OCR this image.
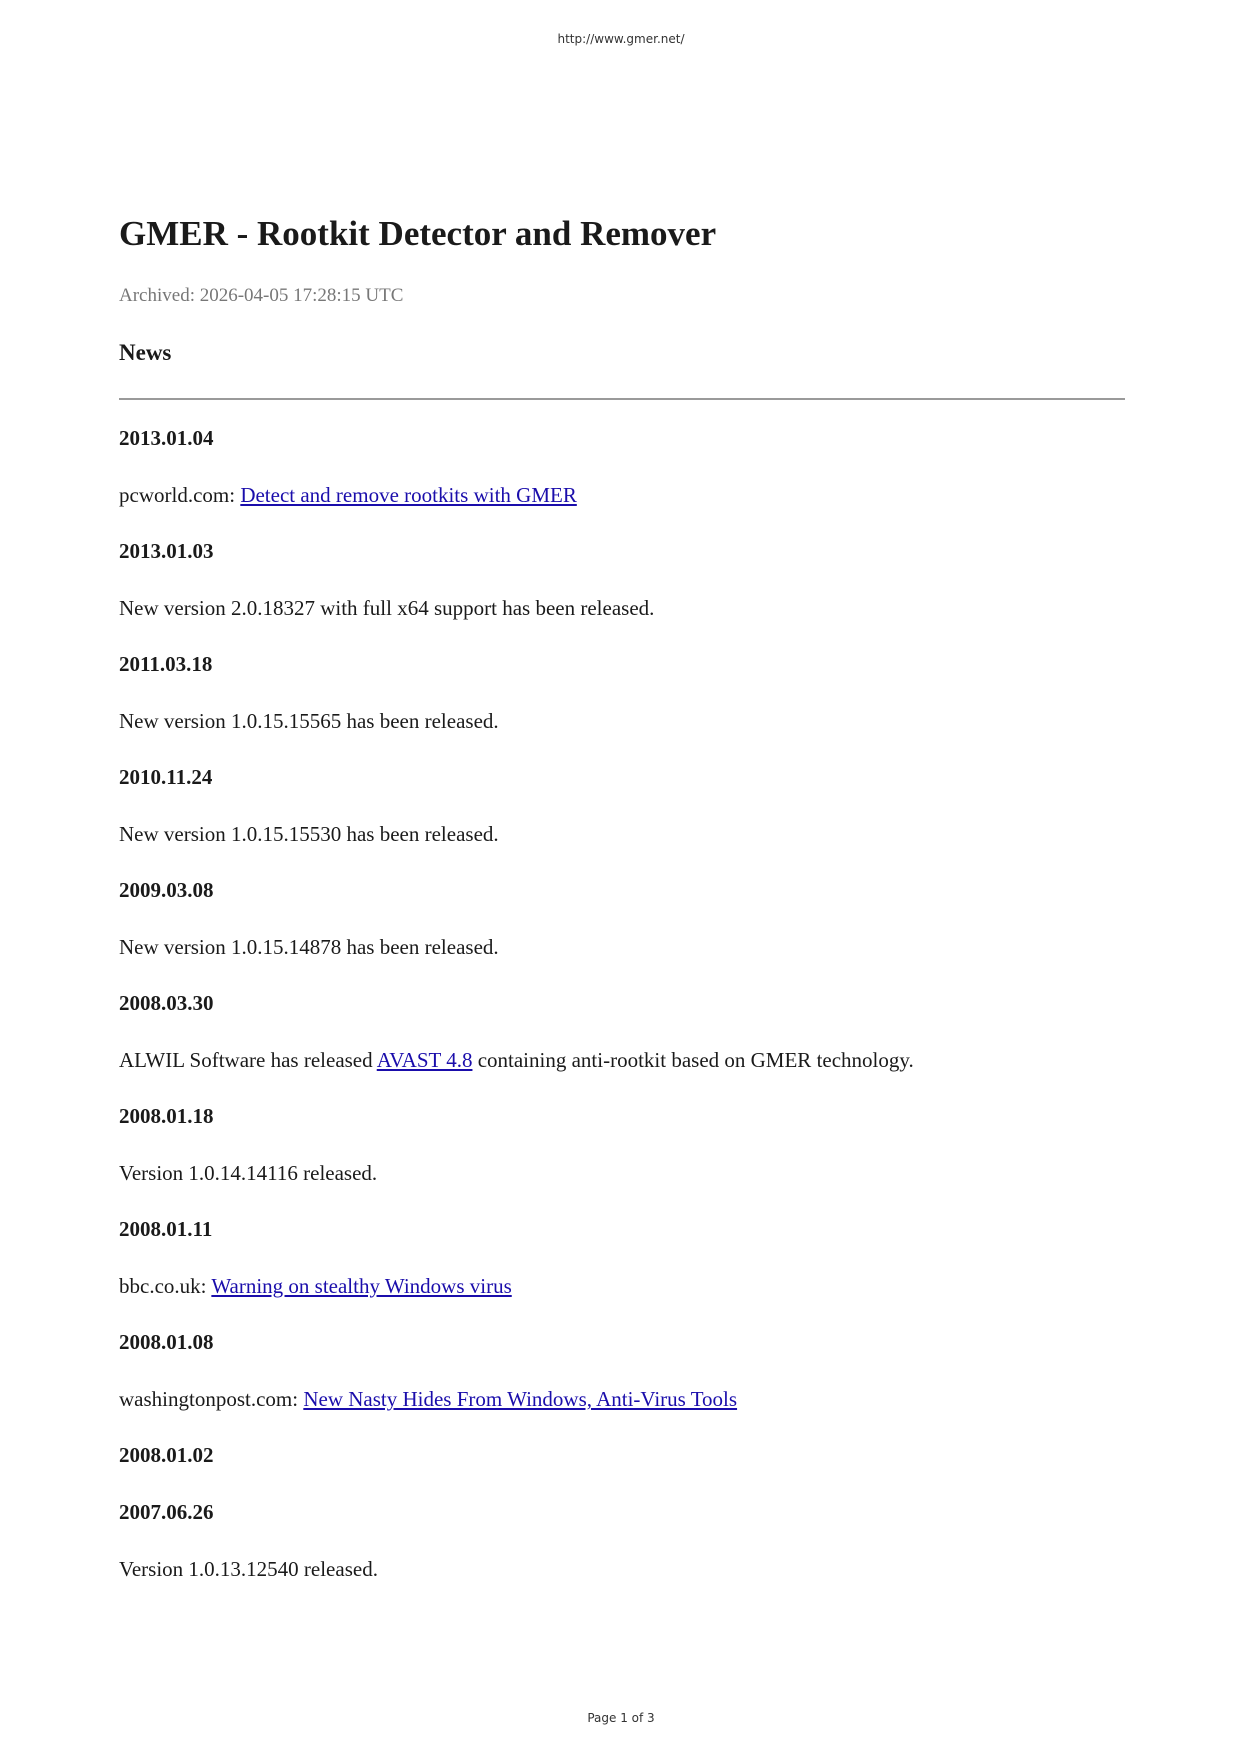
http://www.gmer.net/
GMER - Rootkit Detector and Remover
Archived: 2026-04-05 17:28:15 UTC
News
2013.01.04
pcworld.com: Detect and remove rootkits with GMER
2013.01.03
New version 2.0.18327 with full x64 support has been released.
2011.03.18
New version 1.0.15.15565 has been released.
2010.11.24
New version 1.0.15.15530 has been released.
2009.03.08
New version 1.0.15.14878 has been released.
2008.03.30
ALWIL Software has released AVAST 4.8 containing anti-rootkit based on GMER technology.
2008.01.18
Version 1.0.14.14116 released.
2008.01.11
bbc.co.uk: Warning on stealthy Windows virus
2008.01.08
washingtonpost.com: New Nasty Hides From Windows, Anti-Virus Tools
2008.01.02
2007.06.26
Version 1.0.13.12540 released.
Page 1 of 3
